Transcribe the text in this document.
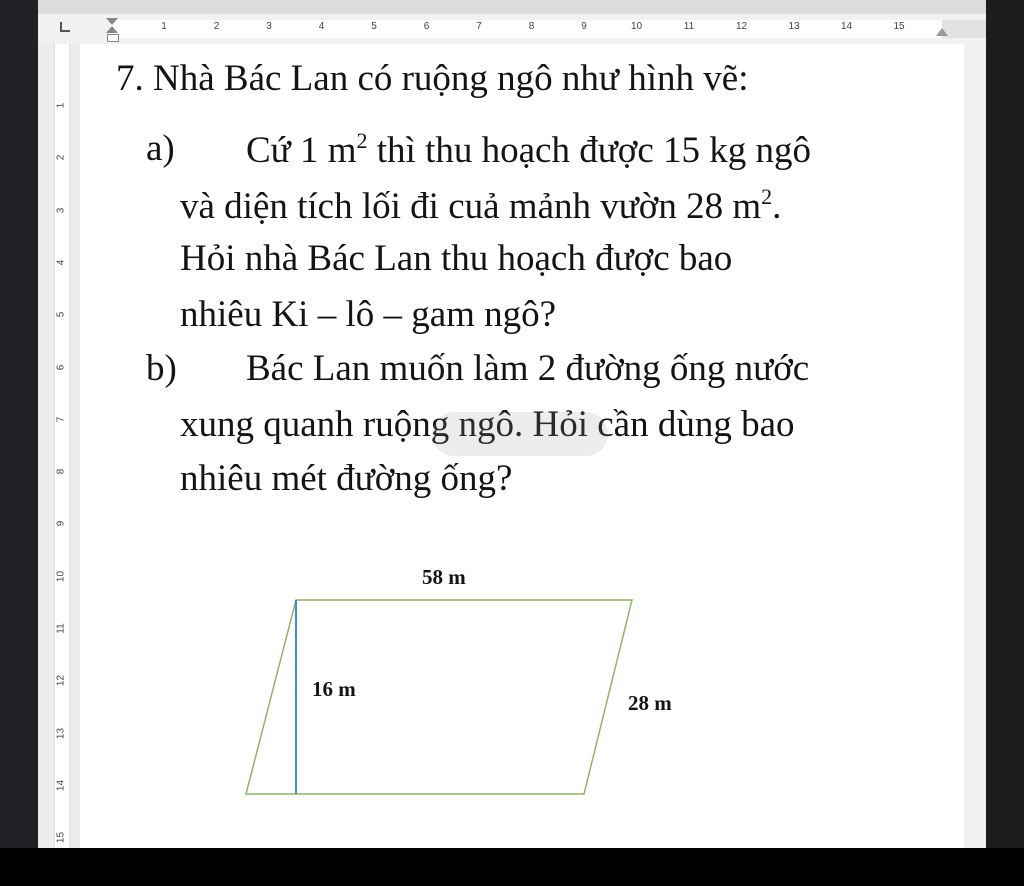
1	2	3	4	5	6	7	8	9	10	11	12	13	14	15
1
2
3
4
5
6
7
8
9
10
11
12
13
14
15
7. Nhà Bác Lan có ruộng ngô như hình vẽ:
a) Cứ 1 $m^2$ thì thu hoạch được 15 kg ngô
và diện tích lối đi cuả mảnh vườn 28 $m^2$.
Hỏi nhà Bác Lan thu hoạch được bao
nhiêu Ki – lô – gam ngô?
b) Bác Lan muốn làm 2 đường ống nước
xung quanh ruộng ngô. Hỏi cần dùng bao
nhiêu mét đường ống?
58 m
16 m
28 m
